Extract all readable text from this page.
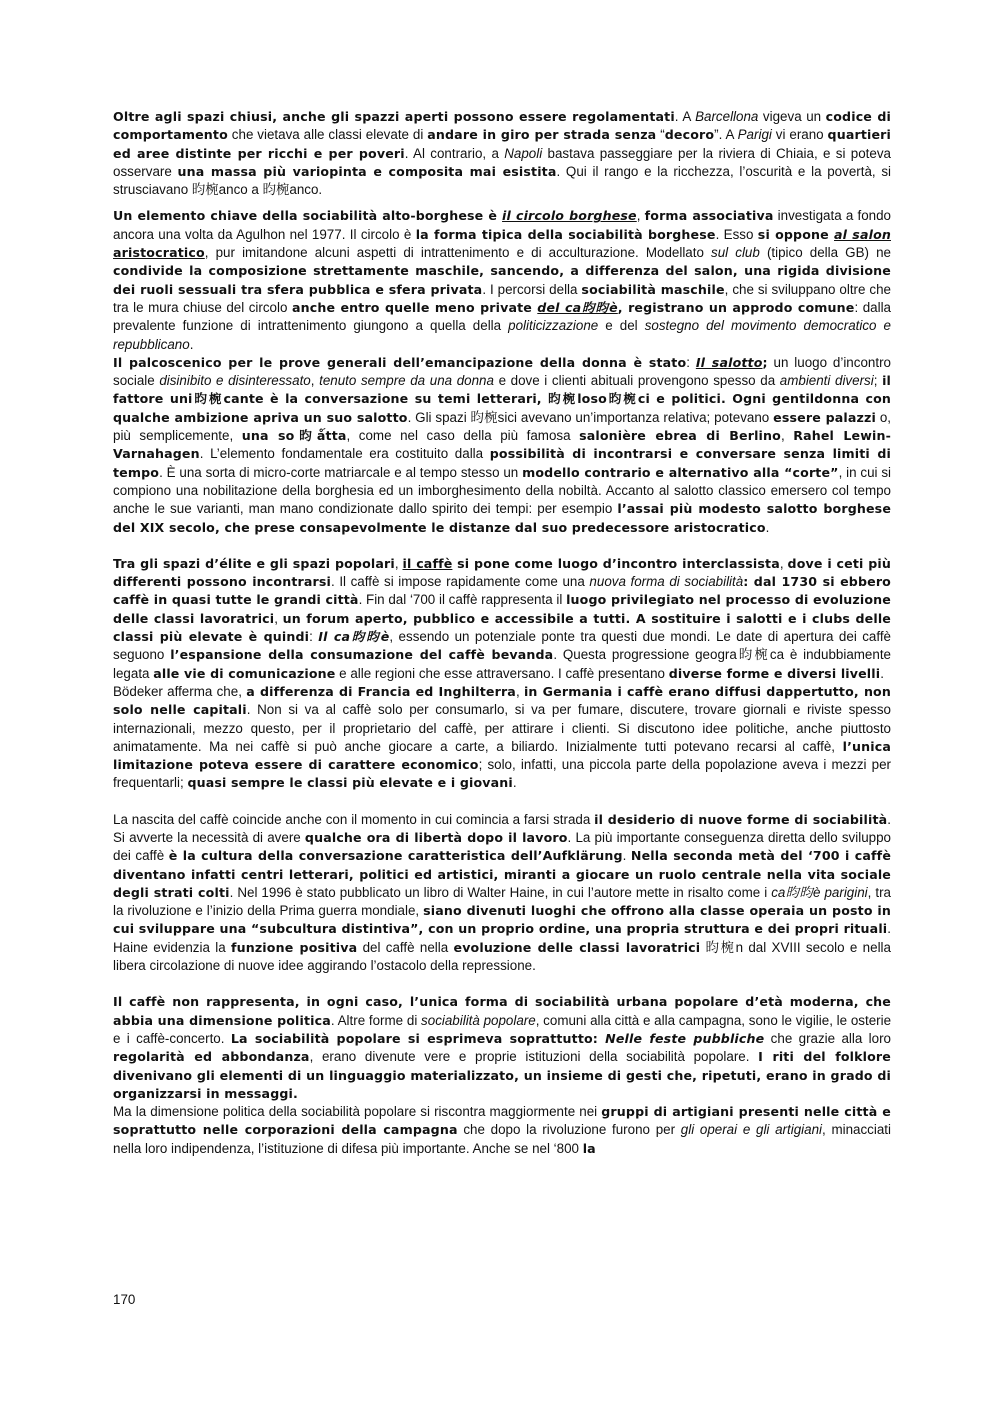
Oltre agli spazi chiusi, anche gli spazzi aperti possono essere regolamentati. A Barcellona vigeva un codice di comportamento che vietava alle classi elevate di andare in giro per strada senza “decoro”. A Parigi vi erano quartieri ed aree distinte per ricchi e per poveri. Al contrario, a Napoli bastava passeggiare per la riviera di Chiaia, e si poteva osservare una massa più variopinta e composita mai esistita. Qui il rango e la ricchezza, l’oscurità e la povertà, si strusciavano 昀椀anco a 昀椀anco.

Un elemento chiave della sociabilità alto-borghese è il circolo borghese, forma associativa investigata a fondo ancora una volta da Agulhon nel 1977. Il circolo è la forma tipica della sociabilità borghese. Esso si oppone al salon aristocratico, pur imitandone alcuni aspetti di intrattenimento e di acculturazione. Modellato sul club (tipico della GB) ne condivide la composizione strettamente maschile, sancendo, a differenza del salon, una rigida divisione dei ruoli sessuali tra sfera pubblica e sfera privata. I percorsi della sociabilità maschile, che si sviluppano oltre che tra le mura chiuse del circolo anche entro quelle meno private del ca昀昀è, registrano un approdo comune: dalla prevalente funzione di intrattenimento giungono a quella della politicizzazione e del sostegno del movimento democratico e repubblicano.

Il palcoscenico per le prove generali dell’emancipazione della donna è stato: Il salotto; un luogo d’incontro sociale disinibito e disinteressato, tenuto sempre da una donna e dove i clienti abituali provengono spesso da ambienti diversi; il fattore uni昀椀cante è la conversazione su temi letterari, 昀椀loso昀椀ci e politici. Ogni gentildonna con qualche ambizione apriva un suo salotto. Gli spazi 昀椀sici avevano un’importanza relativa; potevano essere palazzi o, più semplicemente, una so昀ǻtta, come nel caso della più famosa salonière ebrea di Berlino, Rahel Lewin-Varnahagen. L’elemento fondamentale era costituito dalla possibilità di incontrarsi e conversare senza limiti di tempo. È una sorta di micro-corte matriarcale e al tempo stesso un modello contrario e alternativo alla “corte”, in cui si compiono una nobilitazione della borghesia ed un imborghesimento della nobiltà. Accanto al salotto classico emersero col tempo anche le sue varianti, man mano condizionate dallo spirito dei tempi: per esempio l’assai più modesto salotto borghese del XIX secolo, che prese consapevolmente le distanze dal suo predecessore aristocratico.

Tra gli spazi d’élite e gli spazi popolari, il caffè si pone come luogo d’incontro interclassista, dove i ceti più differenti possono incontrarsi. Il caffè si impose rapidamente come una nuova forma di sociabilità: dal 1730 si ebbero caffè in quasi tutte le grandi città. Fin dal ‘700 il caffè rappresenta il luogo privilegiato nel processo di evoluzione delle classi lavoratrici, un forum aperto, pubblico e accessibile a tutti. A sostituire i salotti e i clubs delle classi più elevate è quindi: Il ca昀昀è, essendo un potenziale ponte tra questi due mondi. Le date di apertura dei caffè seguono l’espansione della consumazione del caffè bevanda. Questa progressione geogra昀椀ca è indubbiamente legata alle vie di comunicazione e alle regioni che esse attraversano. I caffè presentano diverse forme e diversi livelli.

Bödeker afferma che, a differenza di Francia ed Inghilterra, in Germania i caffè erano diffusi dappertutto, non solo nelle capitali. Non si va al caffè solo per consumarlo, si va per fumare, discutere, trovare giornali e riviste spesso internazionali, mezzo questo, per il proprietario del caffè, per attirare i clienti. Si discutono idee politiche, anche piuttosto animatamente. Ma nei caffè si può anche giocare a carte, a biliardo. Inizialmente tutti potevano recarsi al caffè, l’unica limitazione poteva essere di carattere economico; solo, infatti, una piccola parte della popolazione aveva i mezzi per frequentarli; quasi sempre le classi più elevate e i giovani.

La nascita del caffè coincide anche con il momento in cui comincia a farsi strada il desiderio di nuove forme di sociabilità. Si avverte la necessità di avere qualche ora di libertà dopo il lavoro. La più importante conseguenza diretta dello sviluppo dei caffè è la cultura della conversazione caratteristica dell’Aufklärung. Nella seconda metà del ‘700 i caffè diventano infatti centri letterari, politici ed artistici, miranti a giocare un ruolo centrale nella vita sociale degli strati colti. Nel 1996 è stato pubblicato un libro di Walter Haine, in cui l’autore mette in risalto come i ca昀昀è parigini, tra la rivoluzione e l’inizio della Prima guerra mondiale, siano divenuti luoghi che offrono alla classe operaia un posto in cui sviluppare una “subcultura distintiva”, con un proprio ordine, una propria struttura e dei propri rituali. Haine evidenzia la funzione positiva del caffè nella evoluzione delle classi lavoratrici 昀椀n dal XVIII secolo e nella libera circolazione di nuove idee aggirando l’ostacolo della repressione.

Il caffè non rappresenta, in ogni caso, l’unica forma di sociabilità urbana popolare d’età moderna, che abbia una dimensione politica. Altre forme di sociabilità popolare, comuni alla città e alla campagna, sono le vigilie, le osterie e i caffè-concerto. La sociabilità popolare si esprimeva soprattutto: Nelle feste pubbliche che grazie alla loro regolarità ed abbondanza, erano divenute vere e proprie istituzioni della sociabilità popolare. I riti del folklore divenivano gli elementi di un linguaggio materializzato, un insieme di gesti che, ripetuti, erano in grado di organizzarsi in messaggi.

Ma la dimensione politica della sociabilità popolare si riscontra maggiormente nei gruppi di artigiani presenti nelle città e soprattutto nelle corporazioni della campagna che dopo la rivoluzione furono per gli operai e gli artigiani, minacciati nella loro indipendenza, l’istituzione di difesa più importante. Anche se nel ‘800 la

170
